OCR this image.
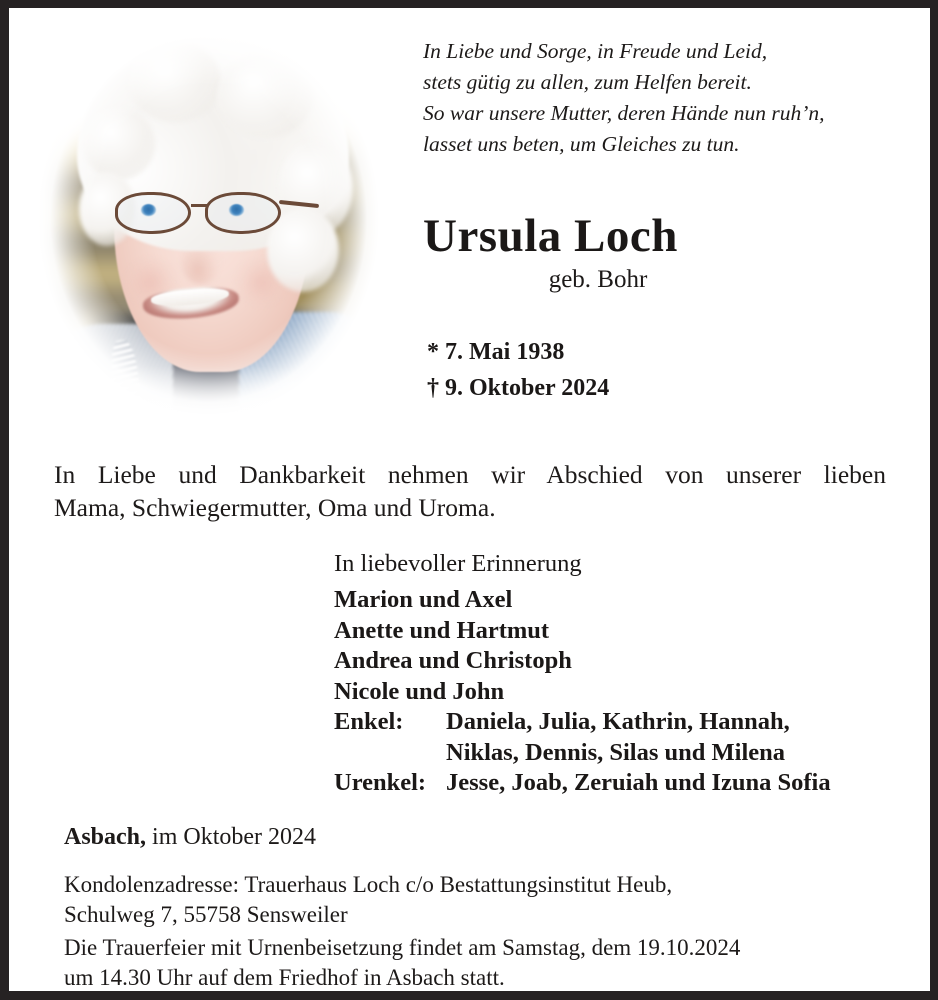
In Liebe und Sorge, in Freude und Leid,
stets gütig zu allen, zum Helfen bereit.
So war unsere Mutter, deren Hände nun ruh’n,
lasset uns beten, um Gleiches zu tun.
Ursula Loch
geb. Bohr
* 7. Mai 1938
† 9. Oktober 2024
In Liebe und Dankbarkeit nehmen wir Abschied von unserer lieben
Mama, Schwiegermutter, Oma und Uroma.
In liebevoller Erinnerung
Marion und Axel
Anette und Hartmut
Andrea und Christoph
Nicole und John
Enkel:	Daniela, Julia, Kathrin, Hannah,
Niklas, Dennis, Silas und Milena
Urenkel: Jesse, Joab, Zeruiah und Izuna Sofia
Asbach, im Oktober 2024
Kondolenzadresse: Trauerhaus Loch c/o Bestattungsinstitut Heub,
Schulweg 7, 55758 Sensweiler
Die Trauerfeier mit Urnenbeisetzung findet am Samstag, dem 19.10.2024
um 14.30 Uhr auf dem Friedhof in Asbach statt.
